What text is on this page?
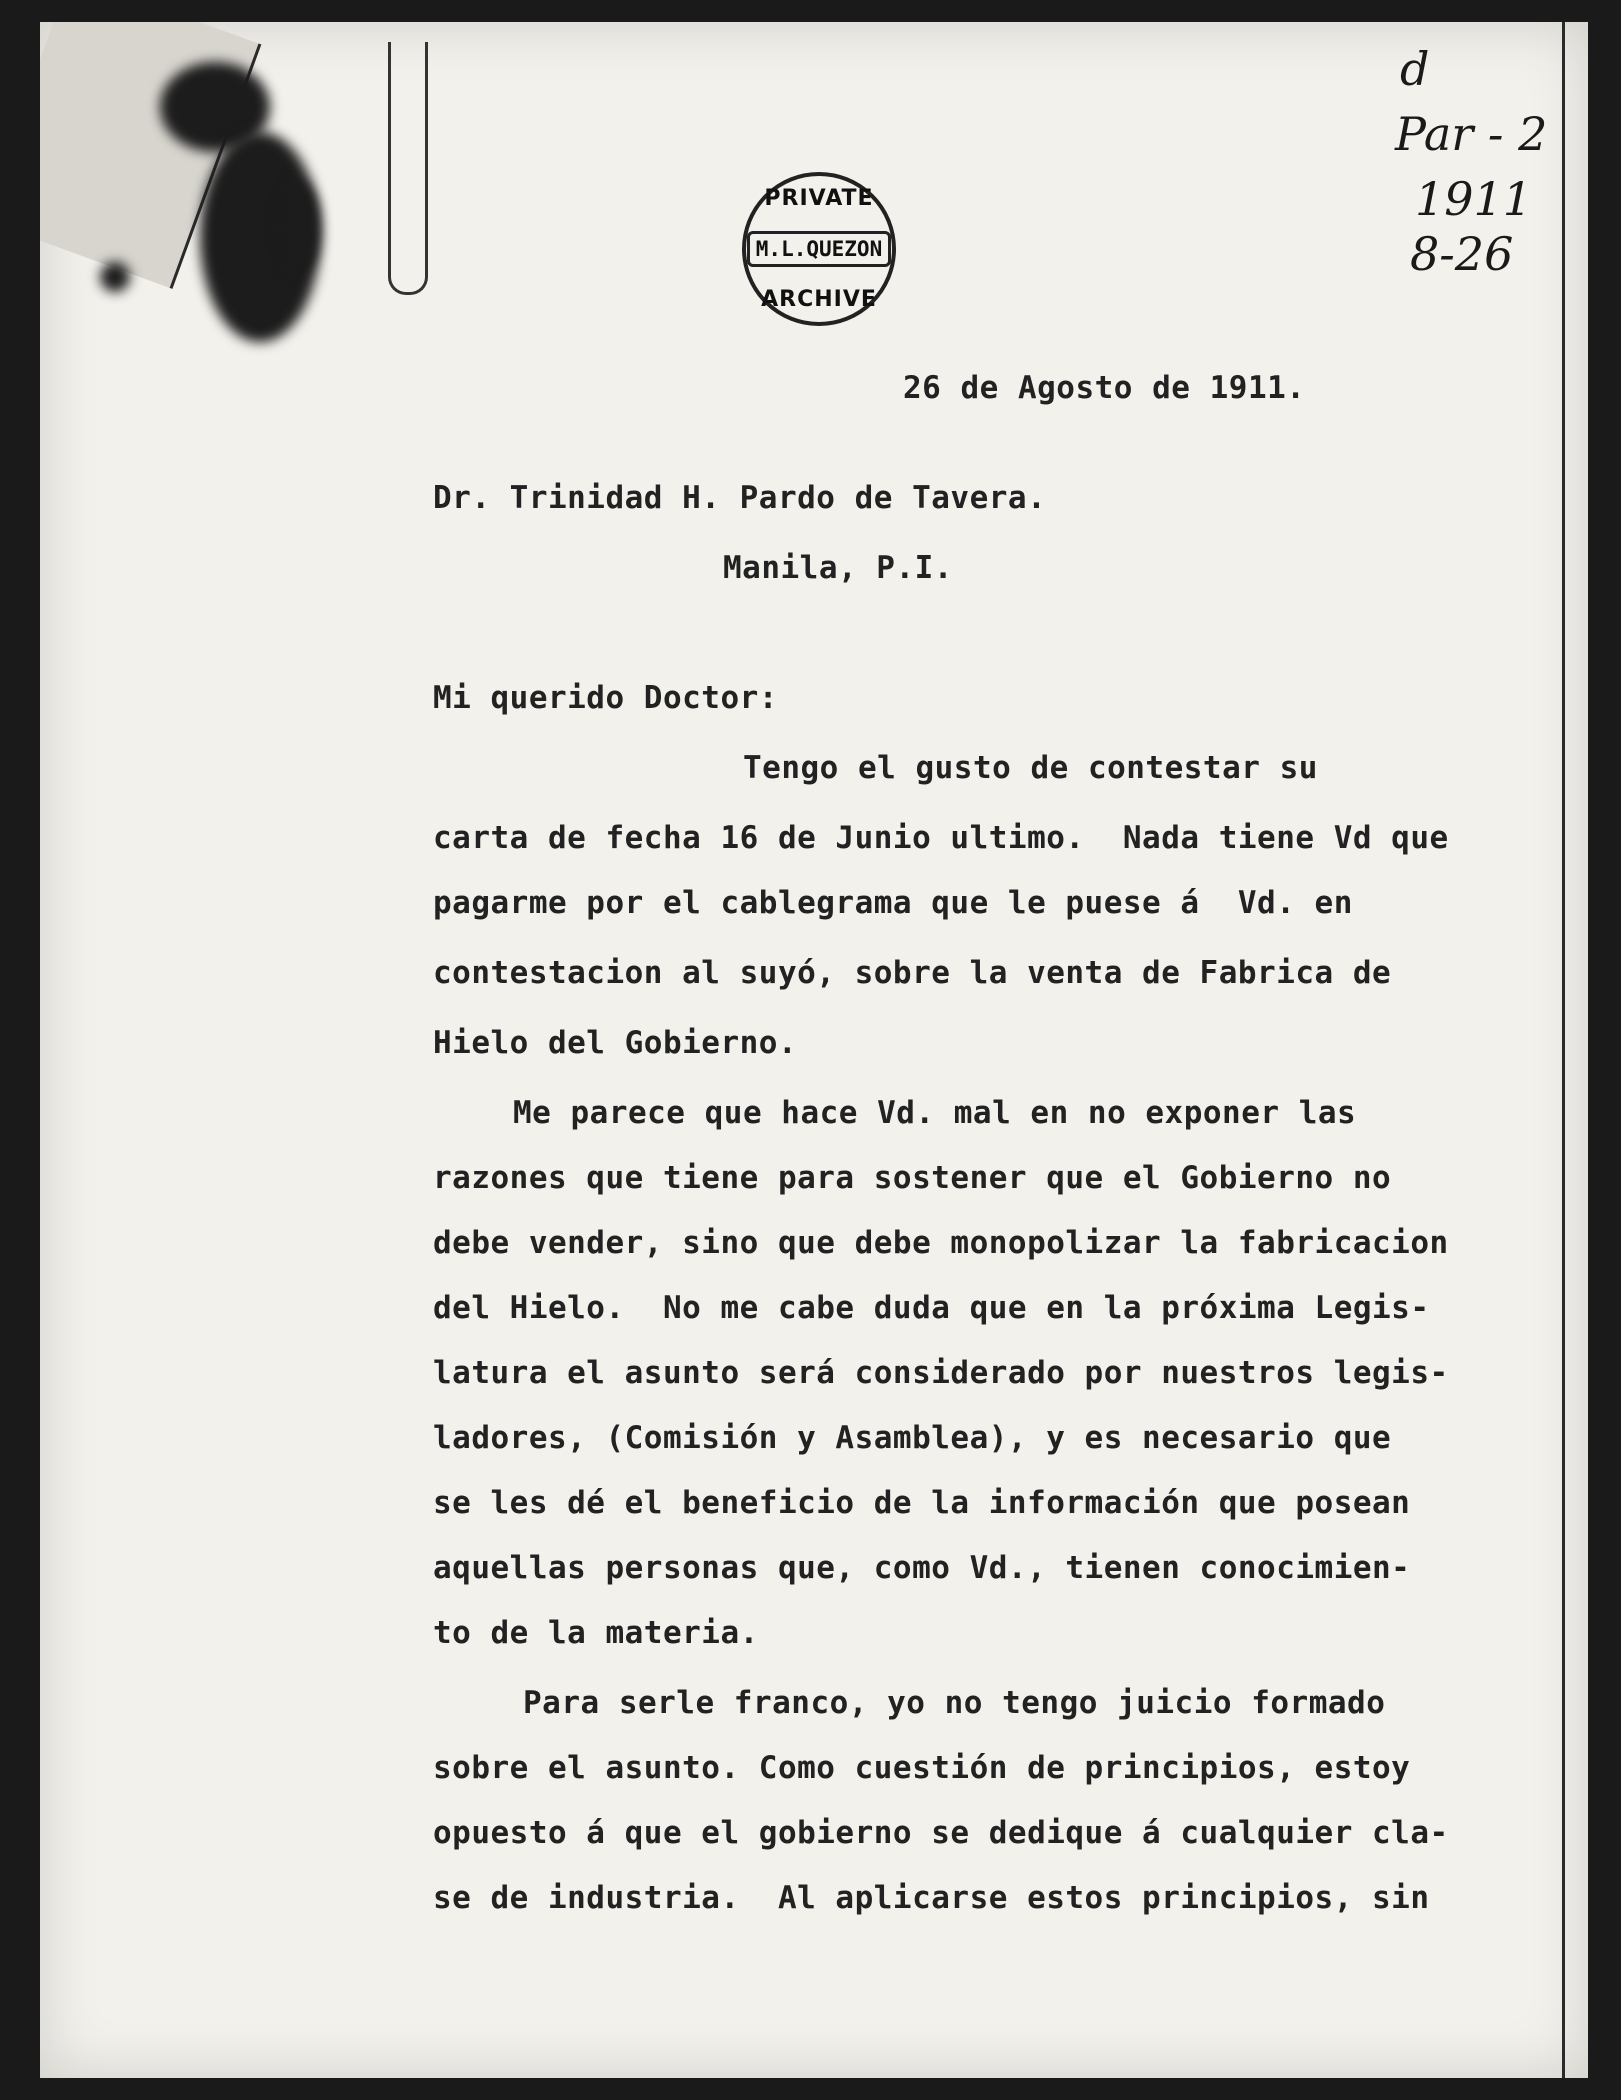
PRIVATE
M.L.QUEZON
ARCHIVE
d
Par - 2
1911
8-26
26 de Agosto de 1911.
Dr. Trinidad H. Pardo de Tavera.
Manila, P.I.
Mi querido Doctor:
Tengo el gusto de contestar su
carta de fecha 16 de Junio ultimo.  Nada tiene Vd que
pagarme por el cablegrama que le puese á  Vd. en
contestacion al suyó, sobre la venta de Fabrica de
Hielo del Gobierno.
Me parece que hace Vd. mal en no exponer las
razones que tiene para sostener que el Gobierno no
debe vender, sino que debe monopolizar la fabricacion
del Hielo.  No me cabe duda que en la próxima Legis-
latura el asunto será considerado por nuestros legis-
ladores, (Comisión y Asamblea), y es necesario que
se les dé el beneficio de la información que posean
aquellas personas que, como Vd., tienen conocimien-
to de la materia.
Para serle franco, yo no tengo juicio formado
sobre el asunto. Como cuestión de principios, estoy
opuesto á que el gobierno se dedique á cualquier cla-
se de industria.  Al aplicarse estos principios, sin
